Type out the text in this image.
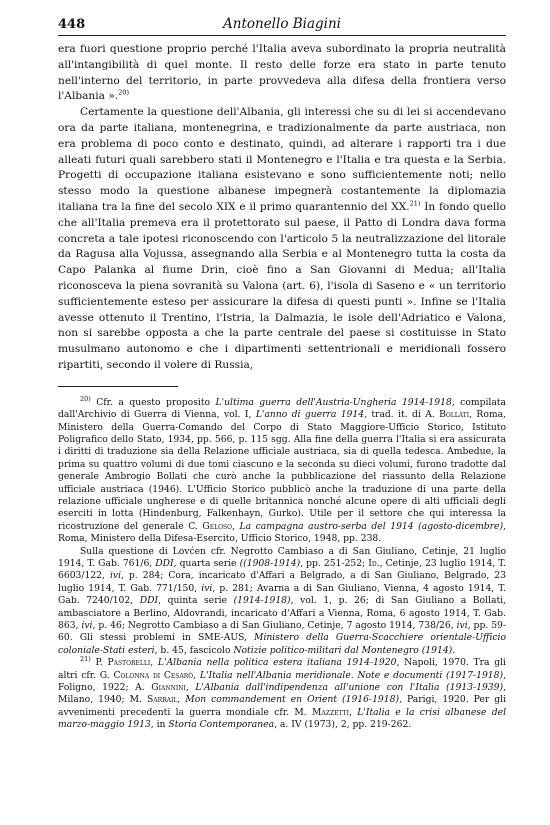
448	Antonello Biagini

era fuori questione proprio perché l'Italia aveva subordinato la propria neutralità all'intangibilità di quel monte. Il resto delle forze era stato in parte tenuto nell'interno del territorio, in parte provvedeva alla difesa della frontiera verso l'Albania ».$^{20)}$

Certamente la questione dell'Albania, gli interessi che su di lei si accendevano ora da parte italiana, montenegrina, e tradizionalmente da parte austriaca, non era problema di poco conto e destinato, quindi, ad alterare i rapporti tra i due alleati futuri quali sarebbero stati il Montenegro e l'Italia e tra questa e la Serbia. Progetti di occupazione italiana esistevano e sono sufficientemente noti; nello stesso modo la questione albanese impegnerà costantemente la diplomazia italiana tra la fine del secolo XIX e il primo quarantennio del XX.$^{21)}$ In fondo quello che all'Italia premeva era il protettorato sul paese, il Patto di Londra dava forma concreta a tale ipotesi riconoscendo con l'articolo 5 la neutralizzazione del litorale da Ragusa alla Vojussa, assegnando alla Serbia e al Montenegro tutta la costa da Capo Palanka al fiume Drin, cioè fino a San Giovanni di Medua; all'Italia riconosceva la piena sovranità su Valona (art. 6), l'isola di Saseno e « un territorio sufficientemente esteso per assicurare la difesa di questi punti ». Infine se l'Italia avesse ottenuto il Trentino, l'Istria, la Dalmazia, le isole dell'Adriatico e Valona, non si sarebbe opposta a che la parte centrale del paese si costituisse in Stato musulmano autonomo e che i dipartimenti settentrionali e meridionali fossero ripartiti, secondo il volere di Russia,

$^{20)}$ Cfr. a questo proposito L'ultima guerra dell'Austria-Ungheria 1914-1918, compilata dall'Archivio di Guerra di Vienna, vol. I, L'anno di guerra 1914, trad. it. di A. Bollati, Roma, Ministero della Guerra-Comando del Corpo di Stato Maggiore-Ufficio Storico, Istituto Poligrafico dello Stato, 1934, pp. 566, p. 115 sgg. Alla fine della guerra l'Italia si era assicurata i diritti di traduzione sia della Relazione ufficiale austriaca, sia di quella tedesca. Ambedue, la prima su quattro volumi di due tomi ciascuno e la seconda su dieci volumi, furono tradotte dal generale Ambrogio Bollati che curò anche la pubblicazione del riassunto della Relazione ufficiale austriaca (1946). L'Ufficio Storico pubblicò anche la traduzione di una parte della relazione ufficiale ungherese e di quelle britannica nonché alcune opere di alti ufficiali degli eserciti in lotta (Hindenburg, Falkenhayn, Gurko). Utile per il settore che qui interessa la ricostruzione del generale C. Geloso, La campagna austro-serba del 1914 (agosto-dicembre), Roma, Ministero della Difesa-Esercito, Ufficio Storico, 1948, pp. 238.

Sulla questione di Lovćen cfr. Negrotto Cambiaso a di San Giuliano, Cetinje, 21 luglio 1914, T. Gab. 761/6, DDI, quarta serie ((1908-1914), pp. 251-252; Id., Cetinje, 23 luglio 1914, T. 6603/122, ivi, p. 284; Cora, incaricato d'Affari a Belgrado, a di San Giuliano, Belgrado, 23 luglio 1914, T. Gab. 771/150, ivi, p. 281; Avarna a di San Giuliano, Vienna, 4 agosto 1914, T. Gab. 7240/102, DDI, quinta serie (1914-1918), vol. 1, p. 26; di San Giuliano a Bollati, ambasciatore a Berlino, Aldovrandi, incaricato d'Affari a Vienna, Roma, 6 agosto 1914, T. Gab. 863, ivi, p. 46; Negrotto Cambiaso a di San Giuliano, Cetinje, 7 agosto 1914, 738/26, ivi, pp. 59-60. Gli stessi problemi in SME-AUS, Ministero della Guerra-Scacchiere orientale-Ufficio coloniale-Stati esteri, b. 45, fascicolo Notizie politico-militari dal Montenegro (1914).

$^{21)}$ P. Pastorelli, L'Albania nella politica estera italiana 1914-1920, Napoli, 1970. Tra gli altri cfr. G. Colonna di Cesarò, L'Italia nell'Albania meridionale. Note e documenti (1917-1918), Foligno, 1922; A. Giannini, L'Albania dall'indipendenza all'unione con l'Italia (1913-1939), Milano, 1940; M. Sarrail, Mon commandement en Orient (1916-1918), Parigi, 1920. Per gli avvenimenti precedenti la guerra mondiale cfr. M. Mazzetti, L'Italia e la crisi albanese del marzo-maggio 1913, in Storia Contemporanea, a. IV (1973), 2, pp. 219-262.
